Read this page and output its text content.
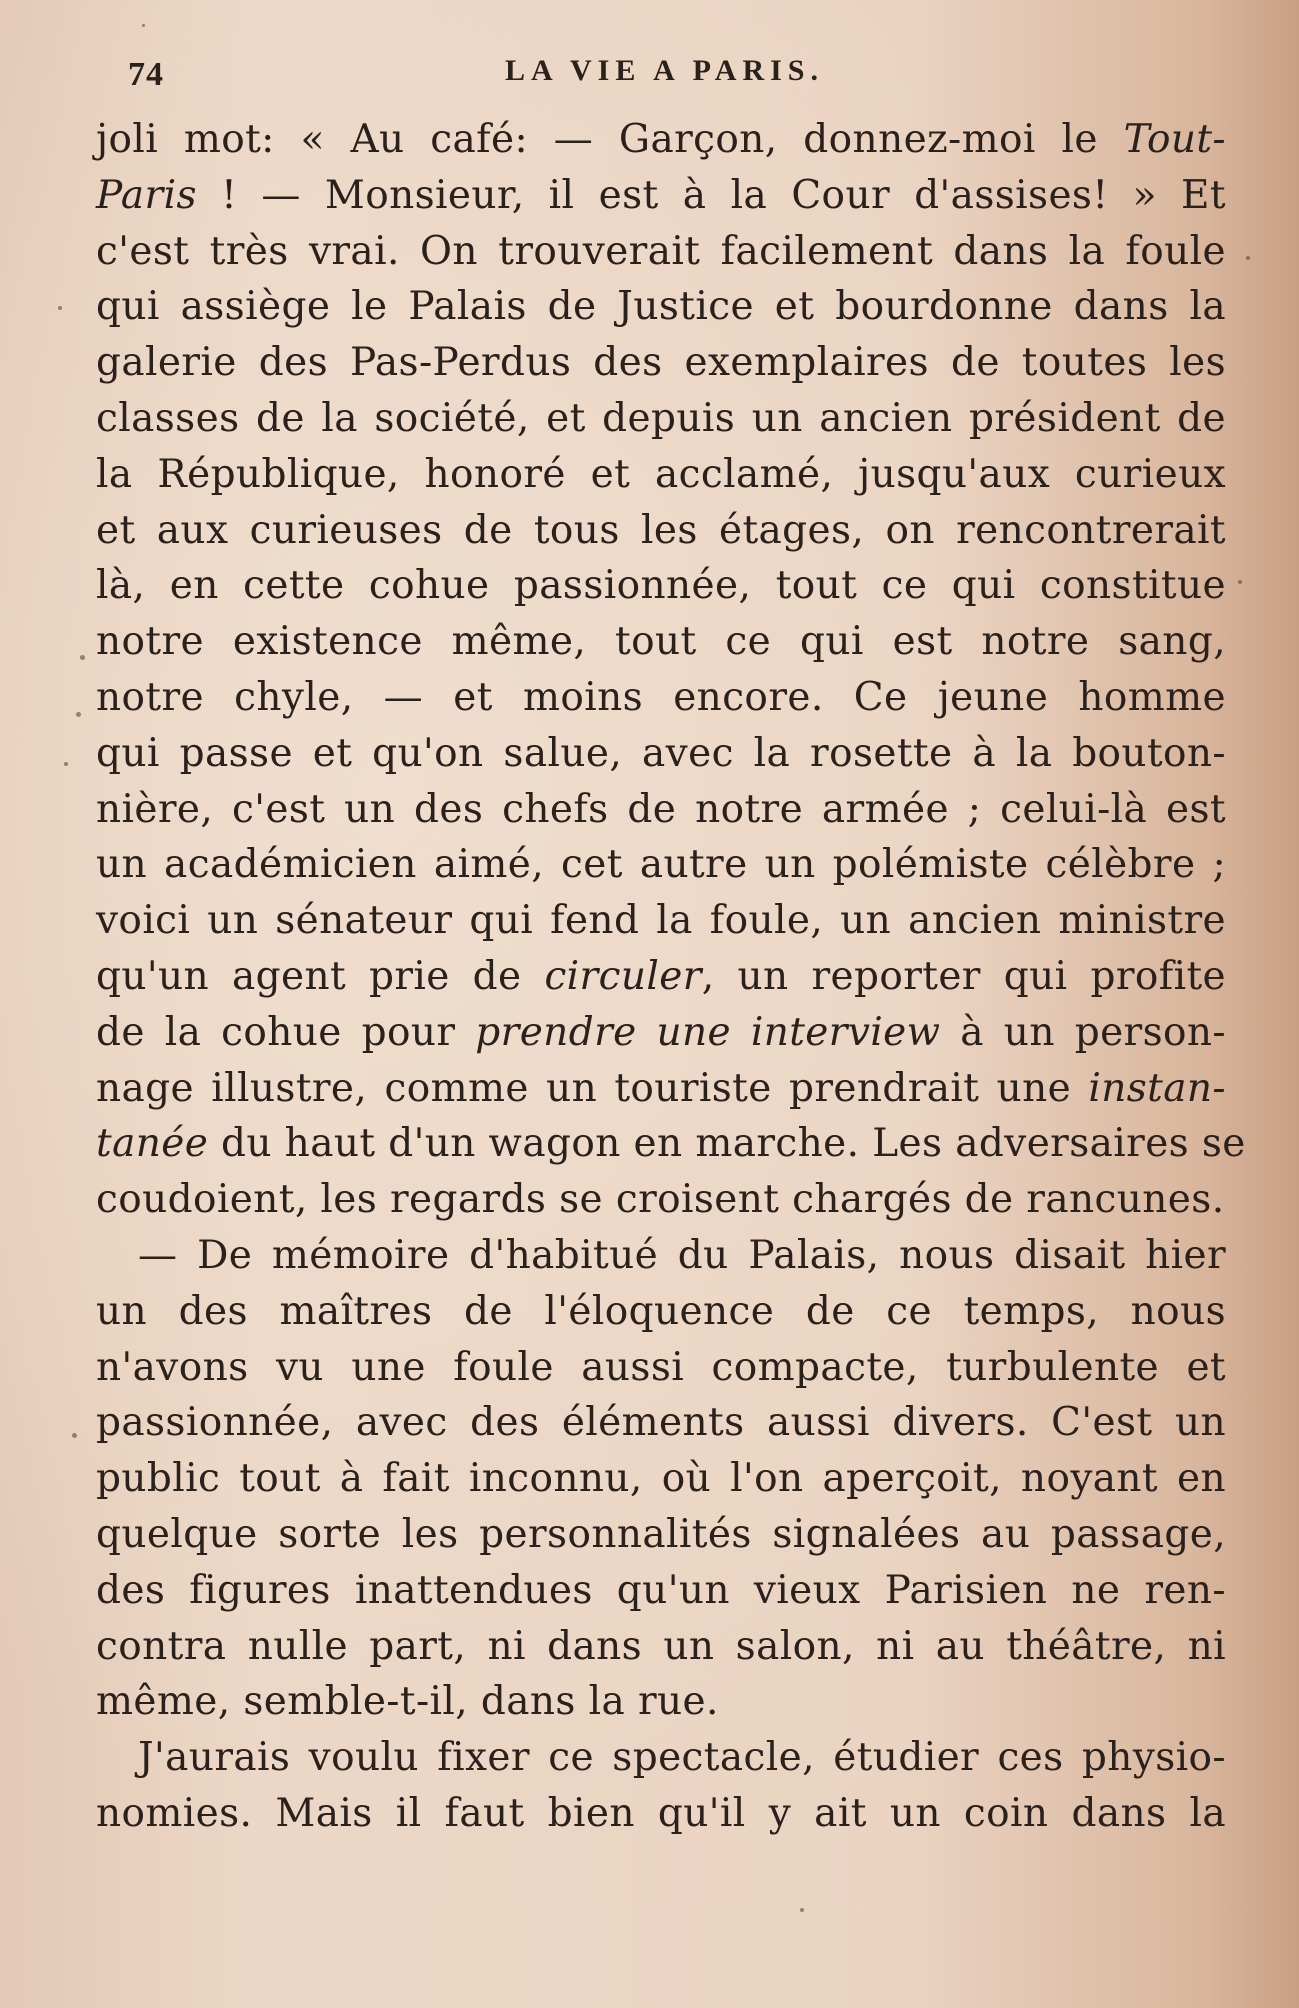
74	LA VIE A PARIS.
joli mot: « Au café: — Garçon, donnez-moi le Tout-
Paris ! — Monsieur, il est à la Cour d'assises! » Et
c'est très vrai. On trouverait facilement dans la foule
qui assiège le Palais de Justice et bourdonne dans la
galerie des Pas-Perdus des exemplaires de toutes les
classes de la société, et depuis un ancien président de
la République, honoré et acclamé, jusqu'aux curieux
et aux curieuses de tous les étages, on rencontrerait
là, en cette cohue passionnée, tout ce qui constitue
notre existence même, tout ce qui est notre sang,
notre chyle, — et moins encore. Ce jeune homme
qui passe et qu'on salue, avec la rosette à la bouton-
nière, c'est un des chefs de notre armée ; celui-là est
un académicien aimé, cet autre un polémiste célèbre ;
voici un sénateur qui fend la foule, un ancien ministre
qu'un agent prie de circuler, un reporter qui profite
de la cohue pour prendre une interview à un person-
nage illustre, comme un touriste prendrait une instan-
tanée du haut d'un wagon en marche. Les adversaires se
coudoient, les regards se croisent chargés de rancunes.
— De mémoire d'habitué du Palais, nous disait hier
un des maîtres de l'éloquence de ce temps, nous
n'avons vu une foule aussi compacte, turbulente et
passionnée, avec des éléments aussi divers. C'est un
public tout à fait inconnu, où l'on aperçoit, noyant en
quelque sorte les personnalités signalées au passage,
des figures inattendues qu'un vieux Parisien ne ren-
contra nulle part, ni dans un salon, ni au théâtre, ni
même, semble-t-il, dans la rue.
J'aurais voulu fixer ce spectacle, étudier ces physio-
nomies. Mais il faut bien qu'il y ait un coin dans la
